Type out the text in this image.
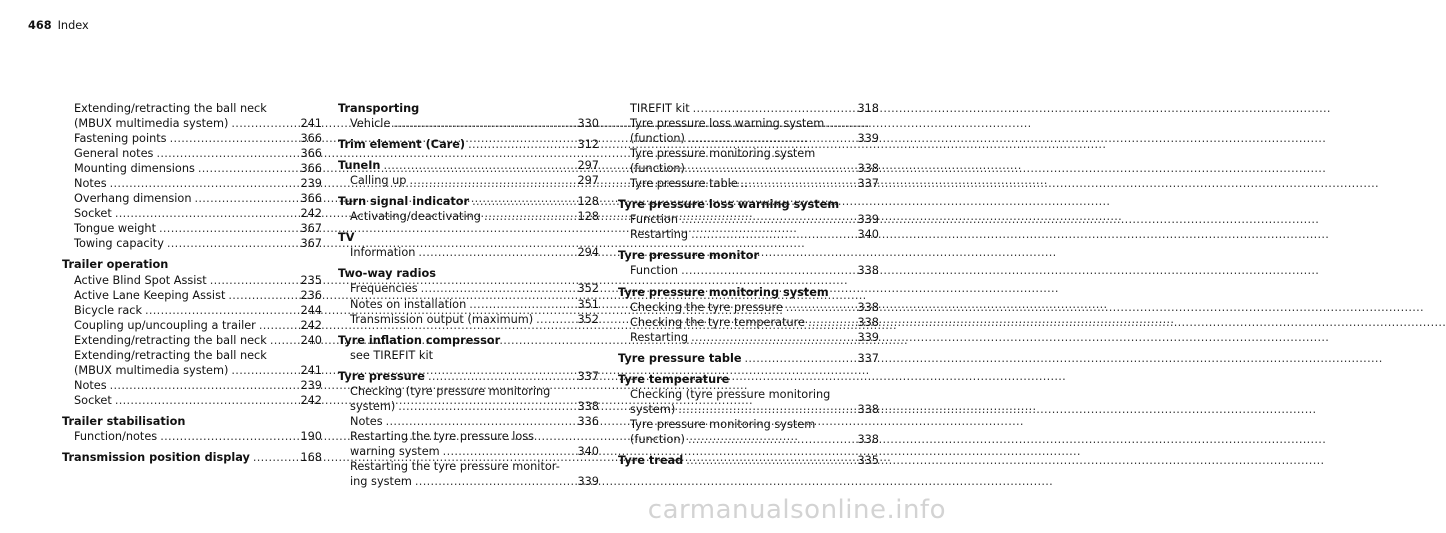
468 Index
Extending/retracting the ball neck
(MBUX multimedia system) .....	241
Fastening points .....	366
General notes .....	366
Mounting dimensions .....	366
Notes .....	239
Overhang dimension .....	366
Socket .....	242
Tongue weight .....	367
Towing capacity .....	367
Trailer operation
Active Blind Spot Assist .....	235
Active Lane Keeping Assist .....	236
Bicycle rack .....	244
Coupling up/uncoupling a trailer .....	242
Extending/retracting the ball neck .....	240
Extending/retracting the ball neck
(MBUX multimedia system) .....	241
Notes .....	239
Socket .....	242
Trailer stabilisation
Function/notes .....	190
Transmission position display .....	168
Transporting
Vehicle .....	330
Trim element (Care) .....	312
TuneIn .....	297
Calling up .....	297
Turn signal indicator .....	128
Activating/deactivating .....	128
TV
Information .....	294
Two-way radios
Frequencies .....	352
Notes on installation .....	351
Transmission output (maximum) .....	352
Tyre inflation compressor
see TIREFIT kit
Tyre pressure .....	337
Checking (tyre pressure monitoring
system) .....	338
Notes .....	336
Restarting the tyre pressure loss
warning system .....	340
Restarting the tyre pressure monitor-
ing system .....	339
TIREFIT kit .....	318
Tyre pressure loss warning system
(function) .....	339
Tyre pressure monitoring system
(function) .....	338
Tyre pressure table .....	337
Tyre pressure loss warning system
Function .....	339
Restarting .....	340
Tyre pressure monitor
Function .....	338
Tyre pressure monitoring system
Checking the tyre pressure .....	338
Checking the tyre temperature .....	338
Restarting .....	339
Tyre pressure table .....	337
Tyre temperature
Checking (tyre pressure monitoring
system) .....	338
Tyre pressure monitoring system
(function) .....	338
Tyre tread .....	335
carmanualsonline.info
